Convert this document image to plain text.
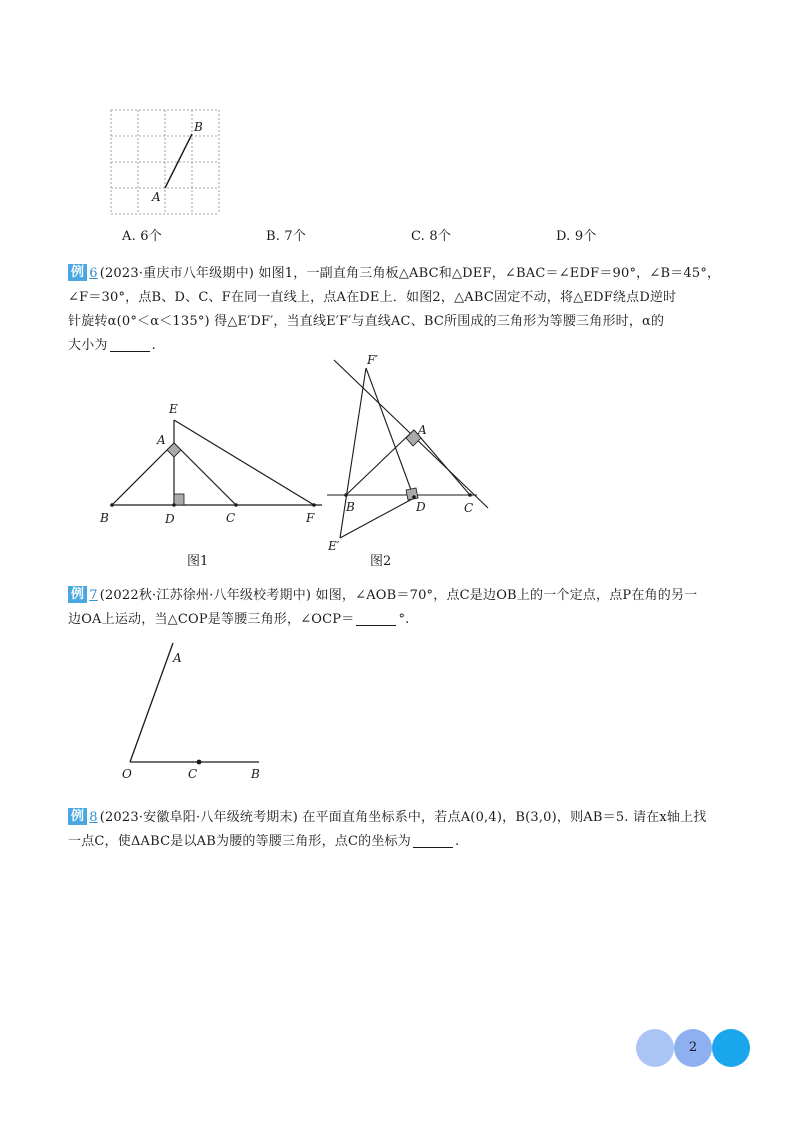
B
A
A. 6个	B. 7个	C. 8个	D. 9个
例 6 (2023·重庆市八年级期中) 如图1，一副直角三角板△ABC和△DEF，∠BAC＝∠EDF＝90°，∠B＝45°，
∠F＝30°，点B、D、C、F在同一直线上，点A在DE上．如图2，△ABC固定不动，将△EDF绕点D逆时
针旋转α(0°＜α＜135°) 得△E′DF′，当直线E′F′与直线AC、BC所围成的三角形为等腰三角形时，α的
大小为	.
E
A
B	D	C	F
图1
F′
A
B	D	C
E′
图2
例 7 (2022秋·江苏徐州·八年级校考期中) 如图，∠AOB＝70°，点C是边OB上的一个定点，点P在角的另一
边OA上运动，当△COP是等腰三角形，∠OCP＝	°.
A
O	C	B
例 8 (2023·安徽阜阳·八年级统考期末) 在平面直角坐标系中，若点A(0,4)，B(3,0)，则AB＝5. 请在x轴上找
一点C，使ΔABC是以AB为腰的等腰三角形，点C的坐标为	.
2
